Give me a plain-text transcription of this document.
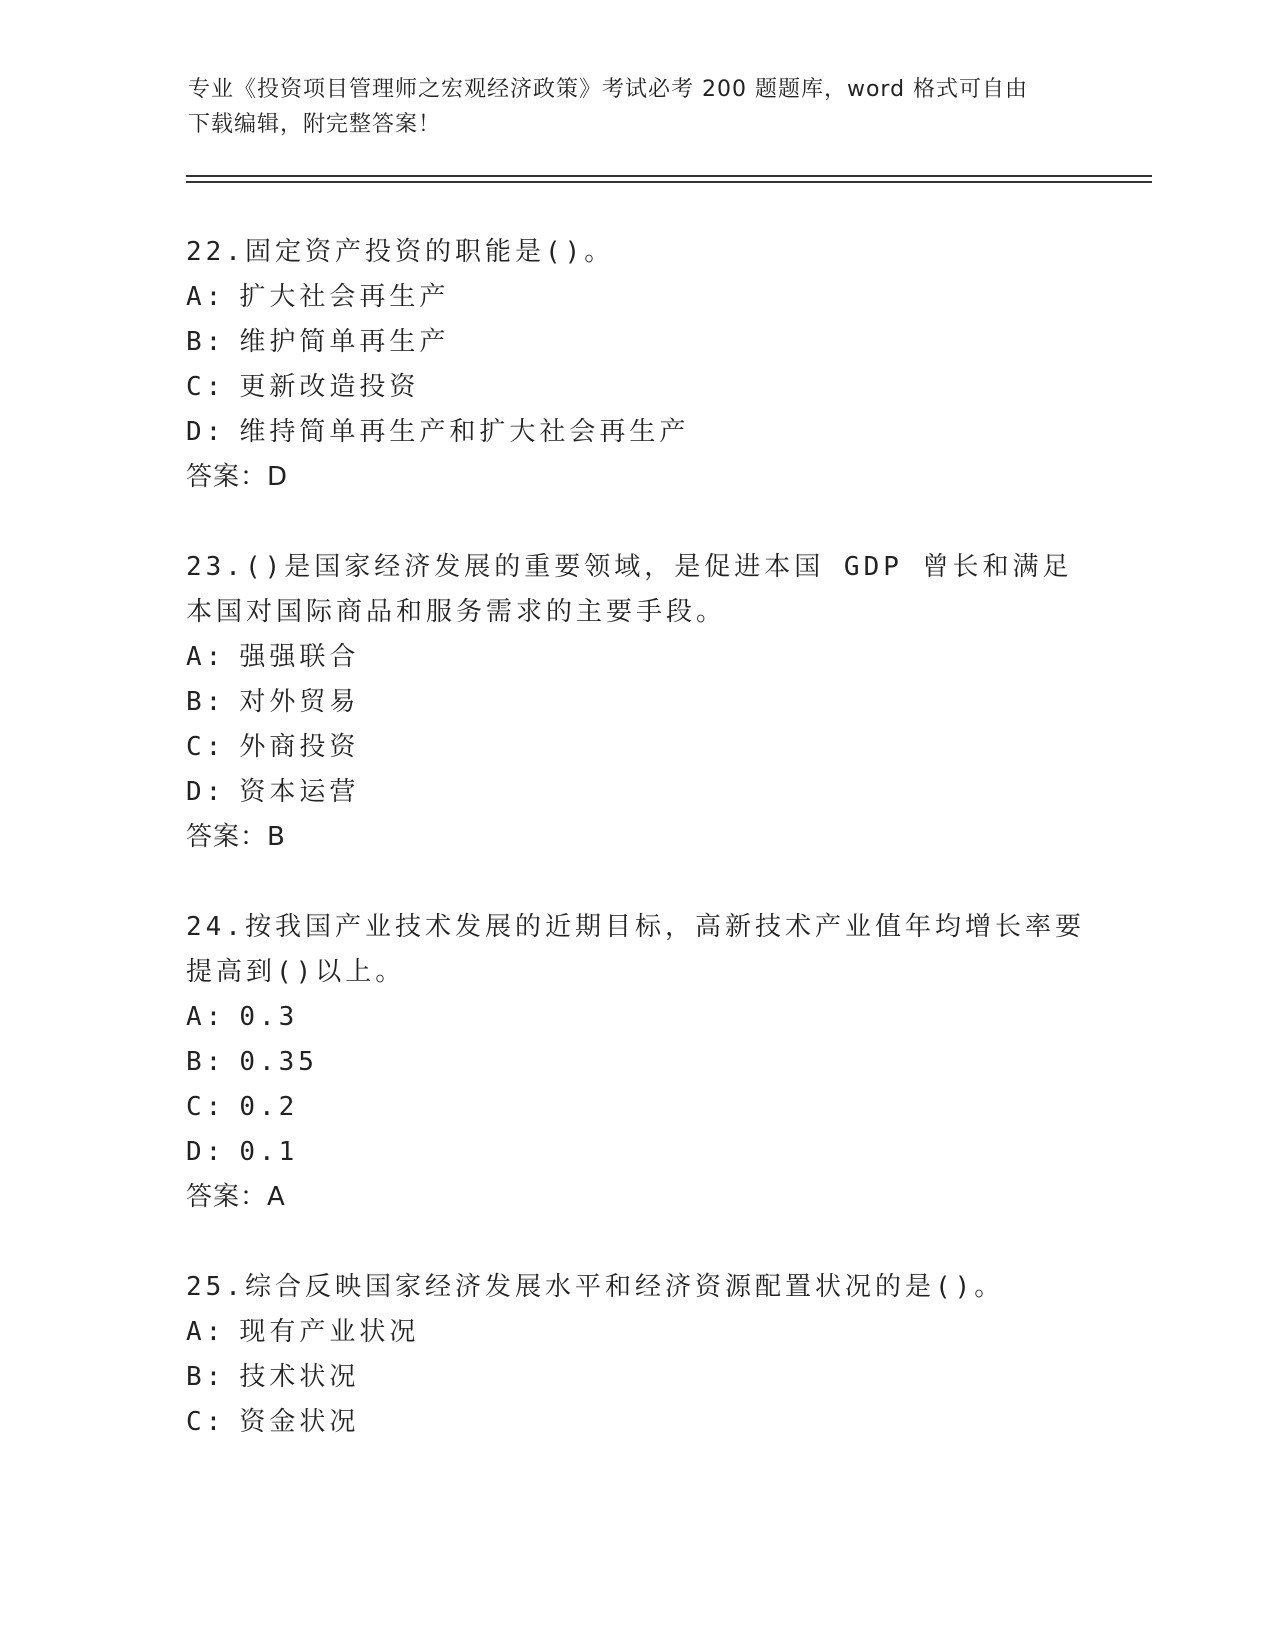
专业《投资项目管理师之宏观经济政策》考试必考 200 题题库，word 格式可自由
下载编辑，附完整答案！

22.固定资产投资的职能是()。

A: 扩大社会再生产

B: 维护简单再生产

C: 更新改造投资

D: 维持简单再生产和扩大社会再生产

答案：D

23.()是国家经济发展的重要领域，是促进本国 GDP 曾长和满足本国对国际商品和服务需求的主要手段。

A: 强强联合

B: 对外贸易

C: 外商投资

D: 资本运营

答案：B

24.按我国产业技术发展的近期目标，高新技术产业值年均增长率要提高到()以上。

A: 0.3

B: 0.35

C: 0.2

D: 0.1

答案：A

25.综合反映国家经济发展水平和经济资源配置状况的是()。

A: 现有产业状况

B: 技术状况

C: 资金状况
